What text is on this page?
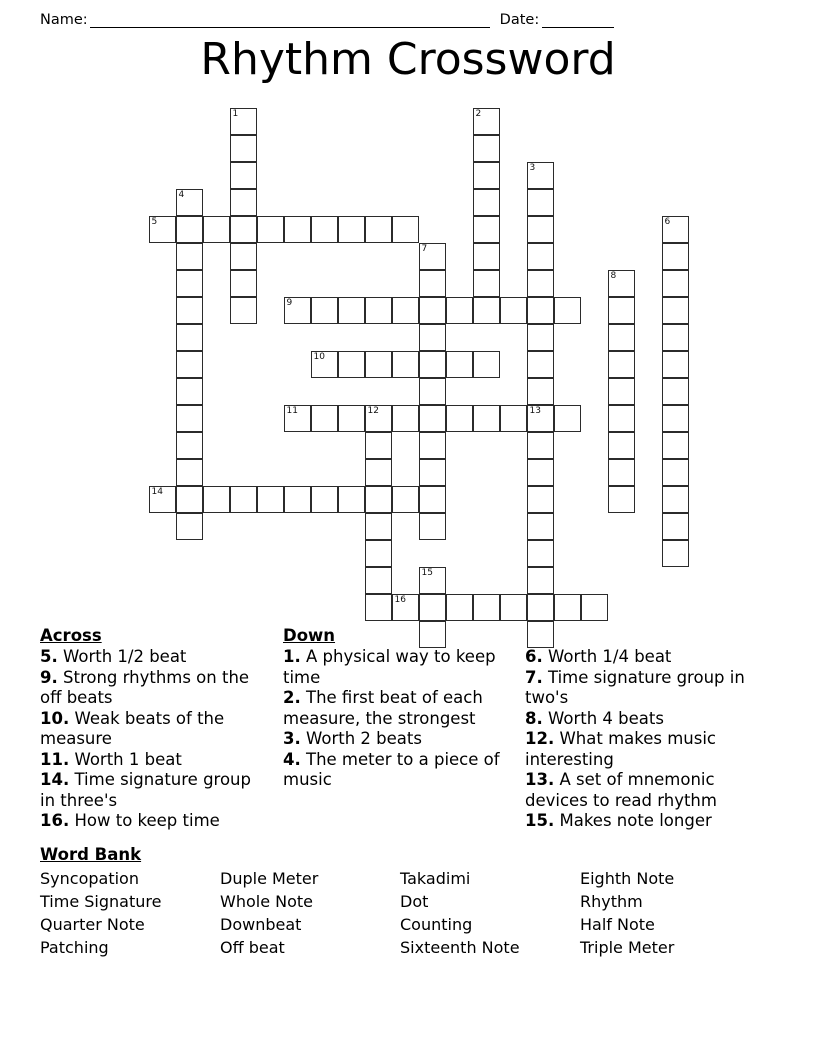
Name:	Date:
Rhythm Crossword
1	2
3
4
5	6
7
8
9
10
11	12	13
14
15
16
Across

5. Worth 1/2 beat

9. Strong rhythms on the off beats

10. Weak beats of the measure

11. Worth 1 beat

14. Time signature group in three's

16. How to keep time

Down

1. A physical way to keep time

2. The first beat of each measure, the strongest

3. Worth 2 beats

4. The meter to a piece of music

6. Worth 1/4 beat

7. Time signature group in two's

8. Worth 4 beats

12. What makes music interesting

13. A set of mnemonic devices to read rhythm

15. Makes note longer

Word Bank
Syncopation
Time Signature
Quarter Note
Patching
Duple Meter
Whole Note
Downbeat
Off beat
Takadimi
Dot
Counting
Sixteenth Note
Eighth Note
Rhythm
Half Note
Triple Meter
